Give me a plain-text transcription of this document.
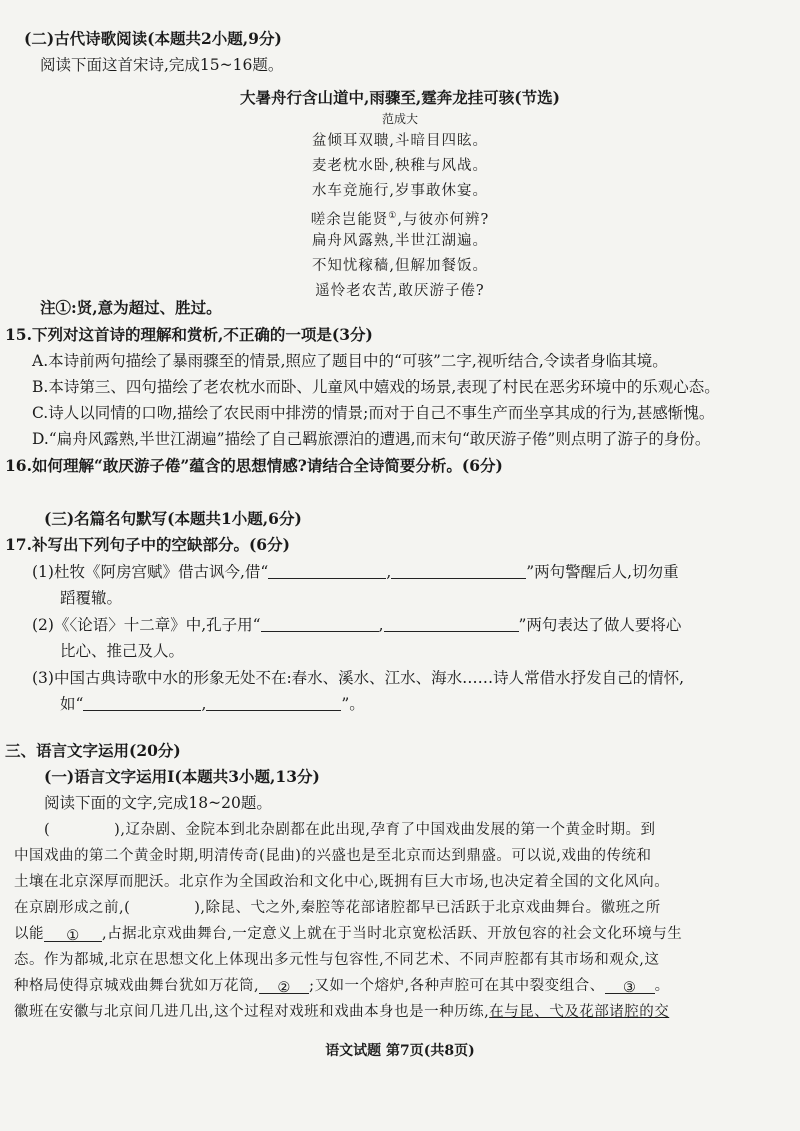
(二)古代诗歌阅读(本题共2小题,9分)
阅读下面这首宋诗,完成15~16题。
大暑舟行含山道中,雨骤至,霆奔龙挂可骇(节选)
范成大
盆倾耳双聩,斗暗目四眩。
麦老枕水卧,秧稚与风战。
水车竞施行,岁事敢休宴。
嗟余岂能贤①,与彼亦何辨?
扁舟风露熟,半世江湖遍。
不知忧稼穑,但解加餐饭。
遥怜老农苦,敢厌游子倦?
注①:贤,意为超过、胜过。
15.下列对这首诗的理解和赏析,不正确的一项是(3分)
A.本诗前两句描绘了暴雨骤至的情景,照应了题目中的“可骇”二字,视听结合,令读者身临其境。
B.本诗第三、四句描绘了老农枕水而卧、儿童风中嬉戏的场景,表现了村民在恶劣环境中的乐观心态。
C.诗人以同情的口吻,描绘了农民雨中排涝的情景;而对于自己不事生产而坐享其成的行为,甚感惭愧。
D.“扁舟风露熟,半世江湖遍”描绘了自己羁旅漂泊的遭遇,而末句“敢厌游子倦”则点明了游子的身份。
16.如何理解“敢厌游子倦”蕴含的思想情感?请结合全诗简要分析。(6分)
(三)名篇名句默写(本题共1小题,6分)
17.补写出下列句子中的空缺部分。(6分)
(1)杜牧《阿房宫赋》借古讽今,借“	,	”两句警醒后人,切勿重
蹈覆辙。
(2)《〈论语〉十二章》中,孔子用“	,	”两句表达了做人要将心
比心、推己及人。
(3)中国古典诗歌中水的形象无处不在:春水、溪水、江水、海水……诗人常借水抒发自己的情怀,
如“	,	”。
三、语言文字运用(20分)
(一)语言文字运用Ⅰ(本题共3小题,13分)
阅读下面的文字,完成18~20题。
(	),辽杂剧、金院本到北杂剧都在此出现,孕育了中国戏曲发展的第一个黄金时期。到
中国戏曲的第二个黄金时期,明清传奇(昆曲)的兴盛也是至北京而达到鼎盛。可以说,戏曲的传统和
土壤在北京深厚而肥沃。北京作为全国政治和文化中心,既拥有巨大市场,也决定着全国的文化风向。
在京剧形成之前,(	),除昆、弋之外,秦腔等花部诸腔都早已活跃于北京戏曲舞台。徽班之所
以能 ① ,占据北京戏曲舞台,一定意义上就在于当时北京宽松活跃、开放包容的社会文化环境与生
态。作为都城,北京在思想文化上体现出多元性与包容性,不同艺术、不同声腔都有其市场和观众,这
种格局使得京城戏曲舞台犹如万花筒, ② ;又如一个熔炉,各种声腔可在其中裂变组合、 ③ 。
徽班在安徽与北京间几进几出,这个过程对戏班和戏曲本身也是一种历练,在与昆、弋及花部诸腔的交
语文试题 第7页(共8页)
